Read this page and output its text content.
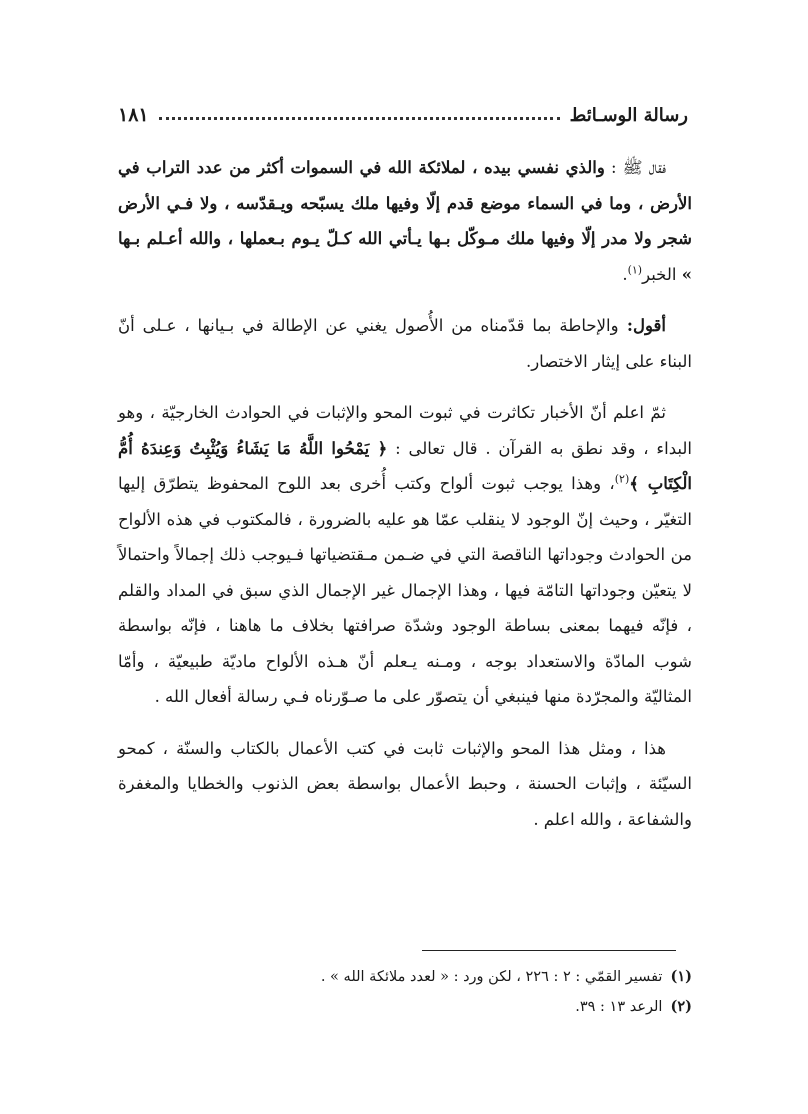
رسالة الوسـائط
١٨١

فقال ﷺ : والذي نفسي بيده ، لملائكة الله في السموات أكثر من عدد التراب في الأرض ، وما في السماء موضع قدم إلّا وفيها ملك يسبّحه ويـقدّسه ، ولا فـي الأرض شجر ولا مدر إلّا وفيها ملك مـوكّل بـها يـأتي الله كـلّ يـوم بـعملها ، والله أعـلم بـها » الخبر$^{(١)}$.

أقول: والإحاطة بما قدّمناه من الأُصول يغني عن الإطالة في بـيانها ، عـلى أنّ البناء على إيثار الاختصار.

ثمّ اعلم أنّ الأخبار تكاثرت في ثبوت المحو والإثبات في الحوادث الخارجيّة ، وهو البداء ، وقد نطق به القرآن . قال تعالى : ﴿ يَمْحُوا اللَّهُ مَا يَشَاءُ وَيُثْبِتُ وَعِندَهُ أُمُّ الْكِتَابِ ﴾$^{(٢)}$، وهذا يوجب ثبوت ألواح وكتب أُخرى بعد اللوح المحفوظ يتطرّق إليها التغيّر ، وحيث إنّ الوجود لا ينقلب عمّا هو عليه بالضرورة ، فالمكتوب في هذه الألواح من الحوادث وجوداتها الناقصة التي في ضـمن مـقتضياتها فـيوجب ذلك إجمالاً واحتمالاً لا يتعيّن وجوداتها التامّة فيها ، وهذا الإجمال غير الإجمال الذي سبق في المداد والقلم ، فإنّه فيهما بمعنى بساطة الوجود وشدّة صرافتها بخلاف ما هاهنا ، فإنّه بواسطة شوب المادّة والاستعداد بوجه ، ومـنه يـعلم أنّ هـذه الألواح ماديّة طبيعيّة ، وأمّا المثاليّة والمجرّدة منها فينبغي أن يتصوّر على ما صـوّرناه فـي رسالة أفعال الله .

هذا ، ومثل هذا المحو والإثبات ثابت في كتب الأعمال بالكتاب والسنّة ، كمحو السيّئة ، وإثبات الحسنة ، وحبط الأعمال بواسطة بعض الذنوب والخطايا والمغفرة والشفاعة ، والله اعلم .

(١)
تفسير القمّي : ٢ : ٢٢٦ ، لكن ورد : « لعدد ملائكة الله » .
(٢)
الرعد ١٣ : ٣٩.
